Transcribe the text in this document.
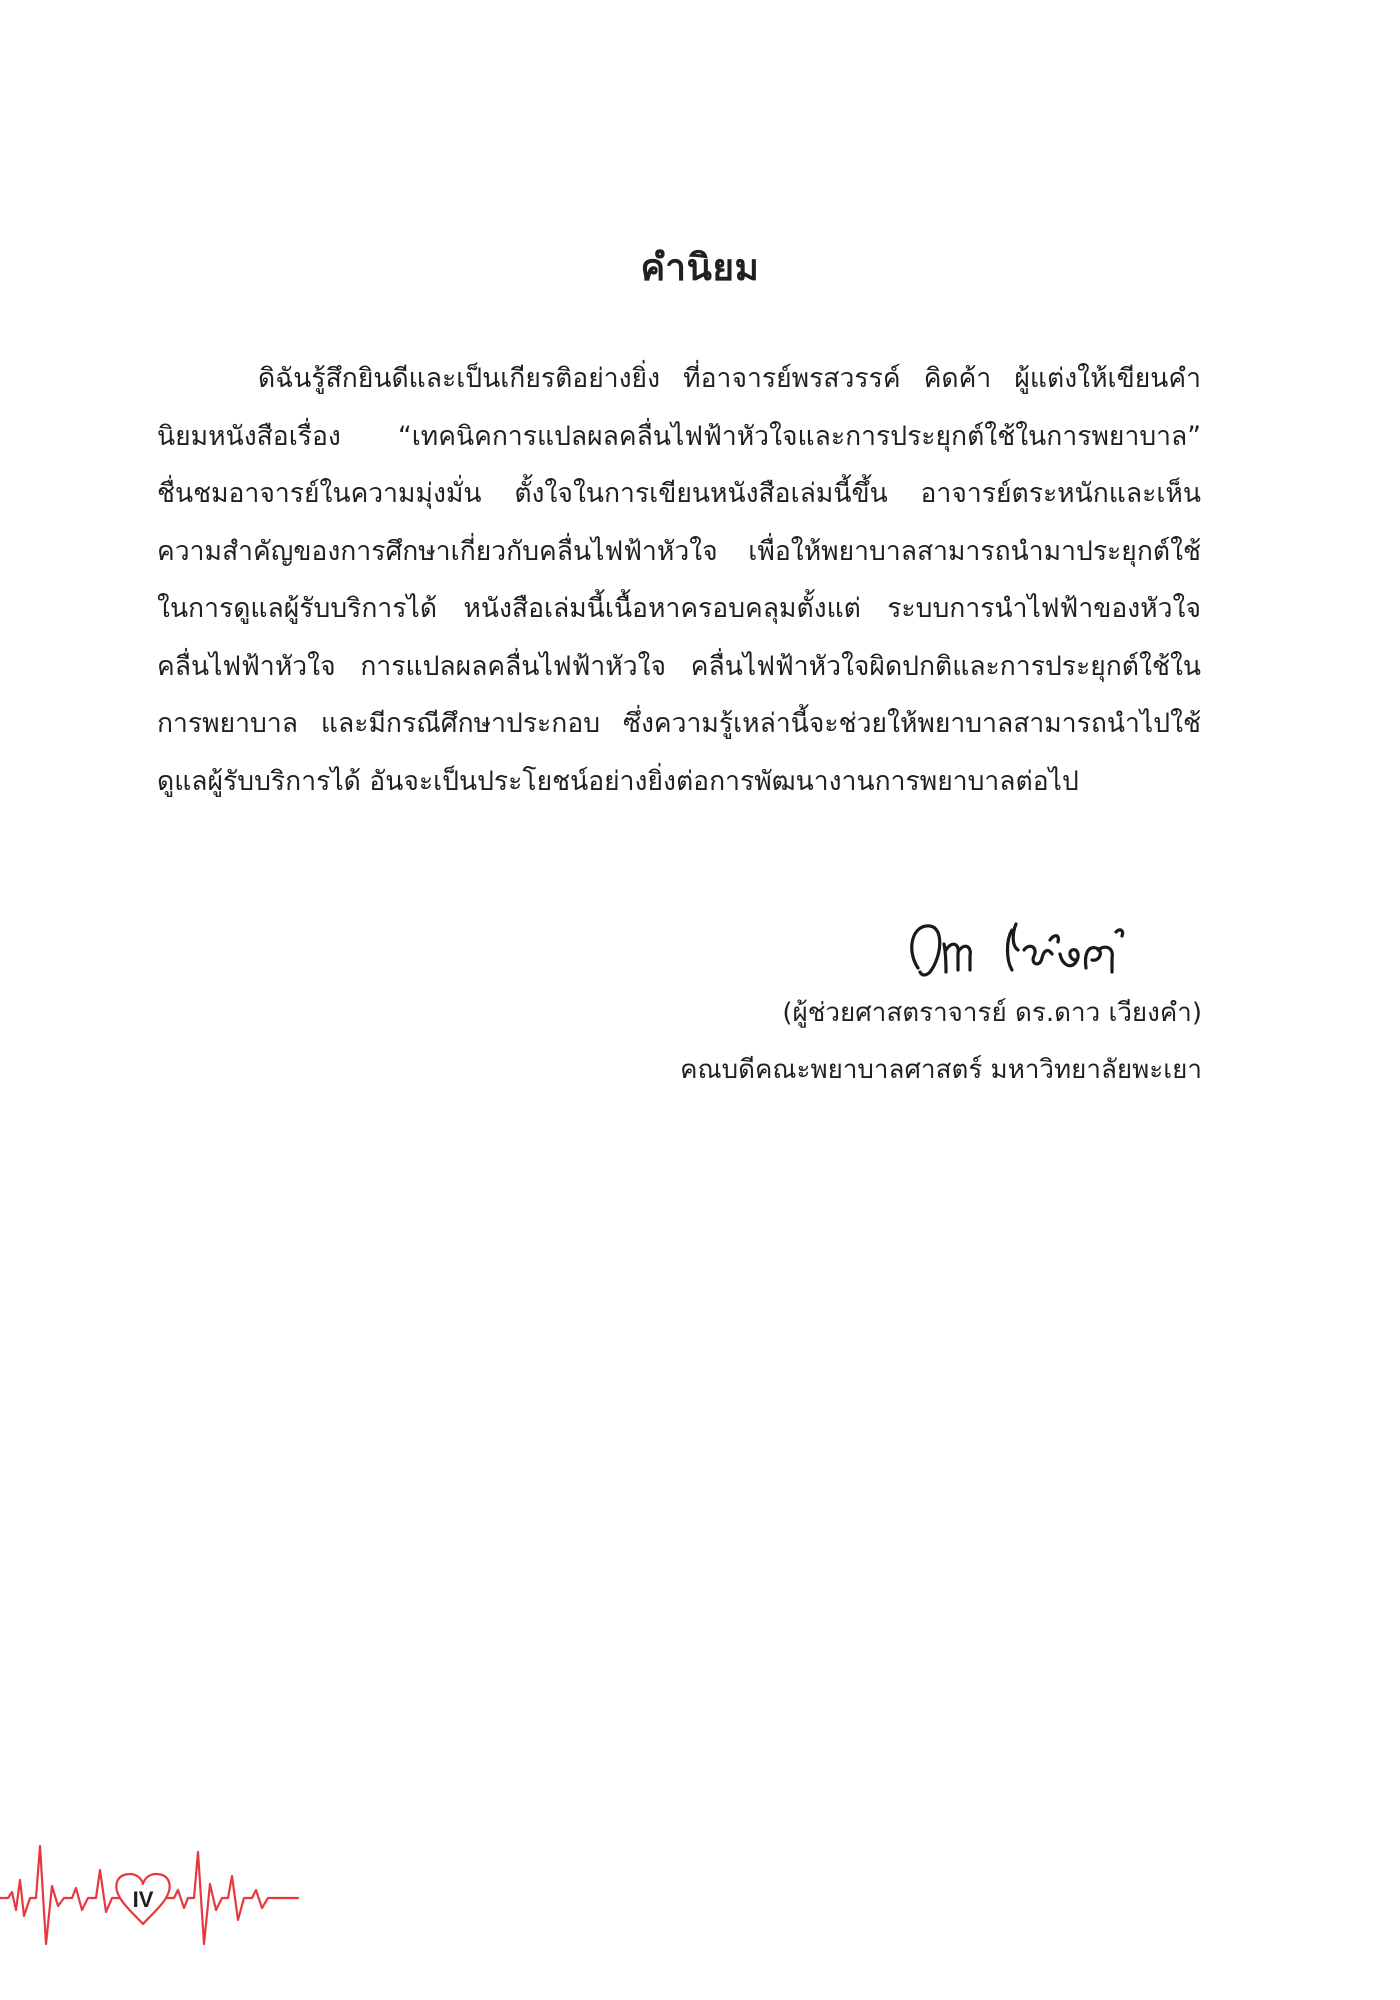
คำนิยม

ดิฉันรู้สึกยินดีและเป็นเกียรติอย่างยิ่ง ที่อาจารย์พรสวรรค์ คิดค้า ผู้แต่งให้เขียนคำนิยมหนังสือเรื่อง “เทคนิคการแปลผลคลื่นไฟฟ้าหัวใจและการประยุกต์ใช้ในการพยาบาล” ชื่นชมอาจารย์ในความมุ่งมั่น ตั้งใจในการเขียนหนังสือเล่มนี้ขึ้น อาจารย์ตระหนักและเห็นความสำคัญของการศึกษาเกี่ยวกับคลื่นไฟฟ้าหัวใจ เพื่อให้พยาบาลสามารถนำมาประยุกต์ใช้ในการดูแลผู้รับบริการได้ หนังสือเล่มนี้เนื้อหาครอบคลุมตั้งแต่ ระบบการนำไฟฟ้าของหัวใจ คลื่นไฟฟ้าหัวใจ การแปลผลคลื่นไฟฟ้าหัวใจ คลื่นไฟฟ้าหัวใจผิดปกติและการประยุกต์ใช้ในการพยาบาล และมีกรณีศึกษาประกอบ ซึ่งความรู้เหล่านี้จะช่วยให้พยาบาลสามารถนำไปใช้ดูแลผู้รับบริการได้ อันจะเป็นประโยชน์อย่างยิ่งต่อการพัฒนางานการพยาบาลต่อไป

(ผู้ช่วยศาสตราจารย์ ดร.ดาว เวียงคำ)
คณบดีคณะพยาบาลศาสตร์ มหาวิทยาลัยพะเยา
IV
